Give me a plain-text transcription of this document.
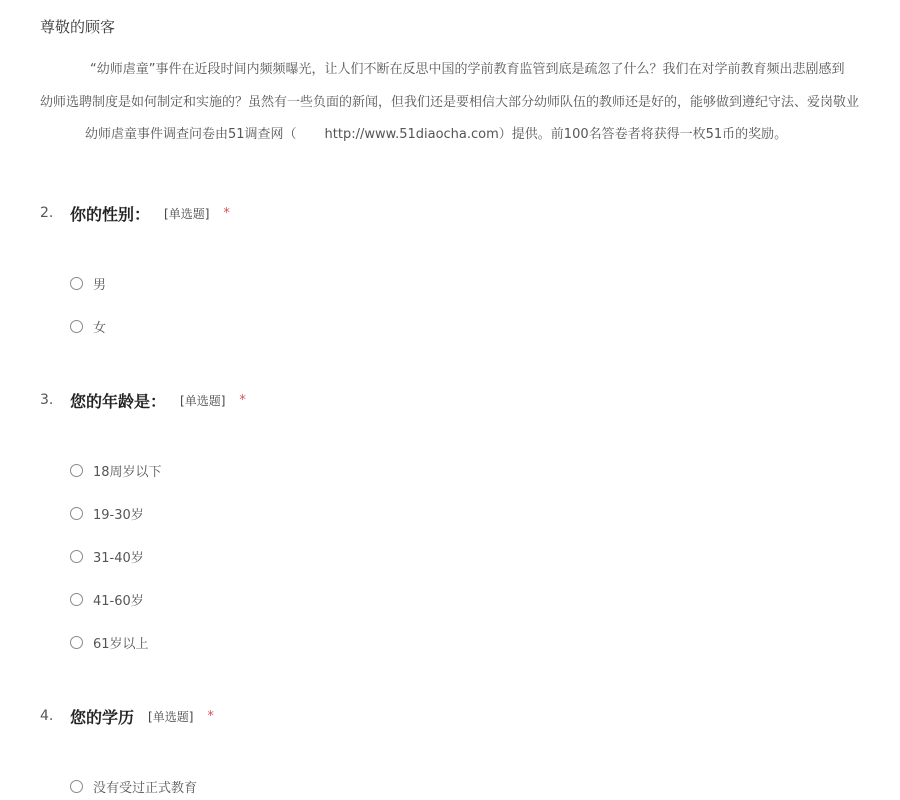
尊敬的顾客
“幼师虐童”事件在近段时间内频频曝光，让人们不断在反思中国的学前教育监管到底是疏忽了什么？我们在对学前教育频出悲剧感到
幼师选聘制度是如何制定和实施的？虽然有一些负面的新闻，但我们还是要相信大部分幼师队伍的教师还是好的，能够做到遵纪守法、爱岗敬业
幼师虐童事件调查问卷由51调查网（ http://www.51diaocha.com）提供。前100名答卷者将获得一枚51币的奖励。
2.	你的性别： [单选题] *
男
女
3.	您的年龄是： [单选题] *
18周岁以下
19-30岁
31-40岁
41-60岁
61岁以上
4.	您的学历 [单选题] *
没有受过正式教育
